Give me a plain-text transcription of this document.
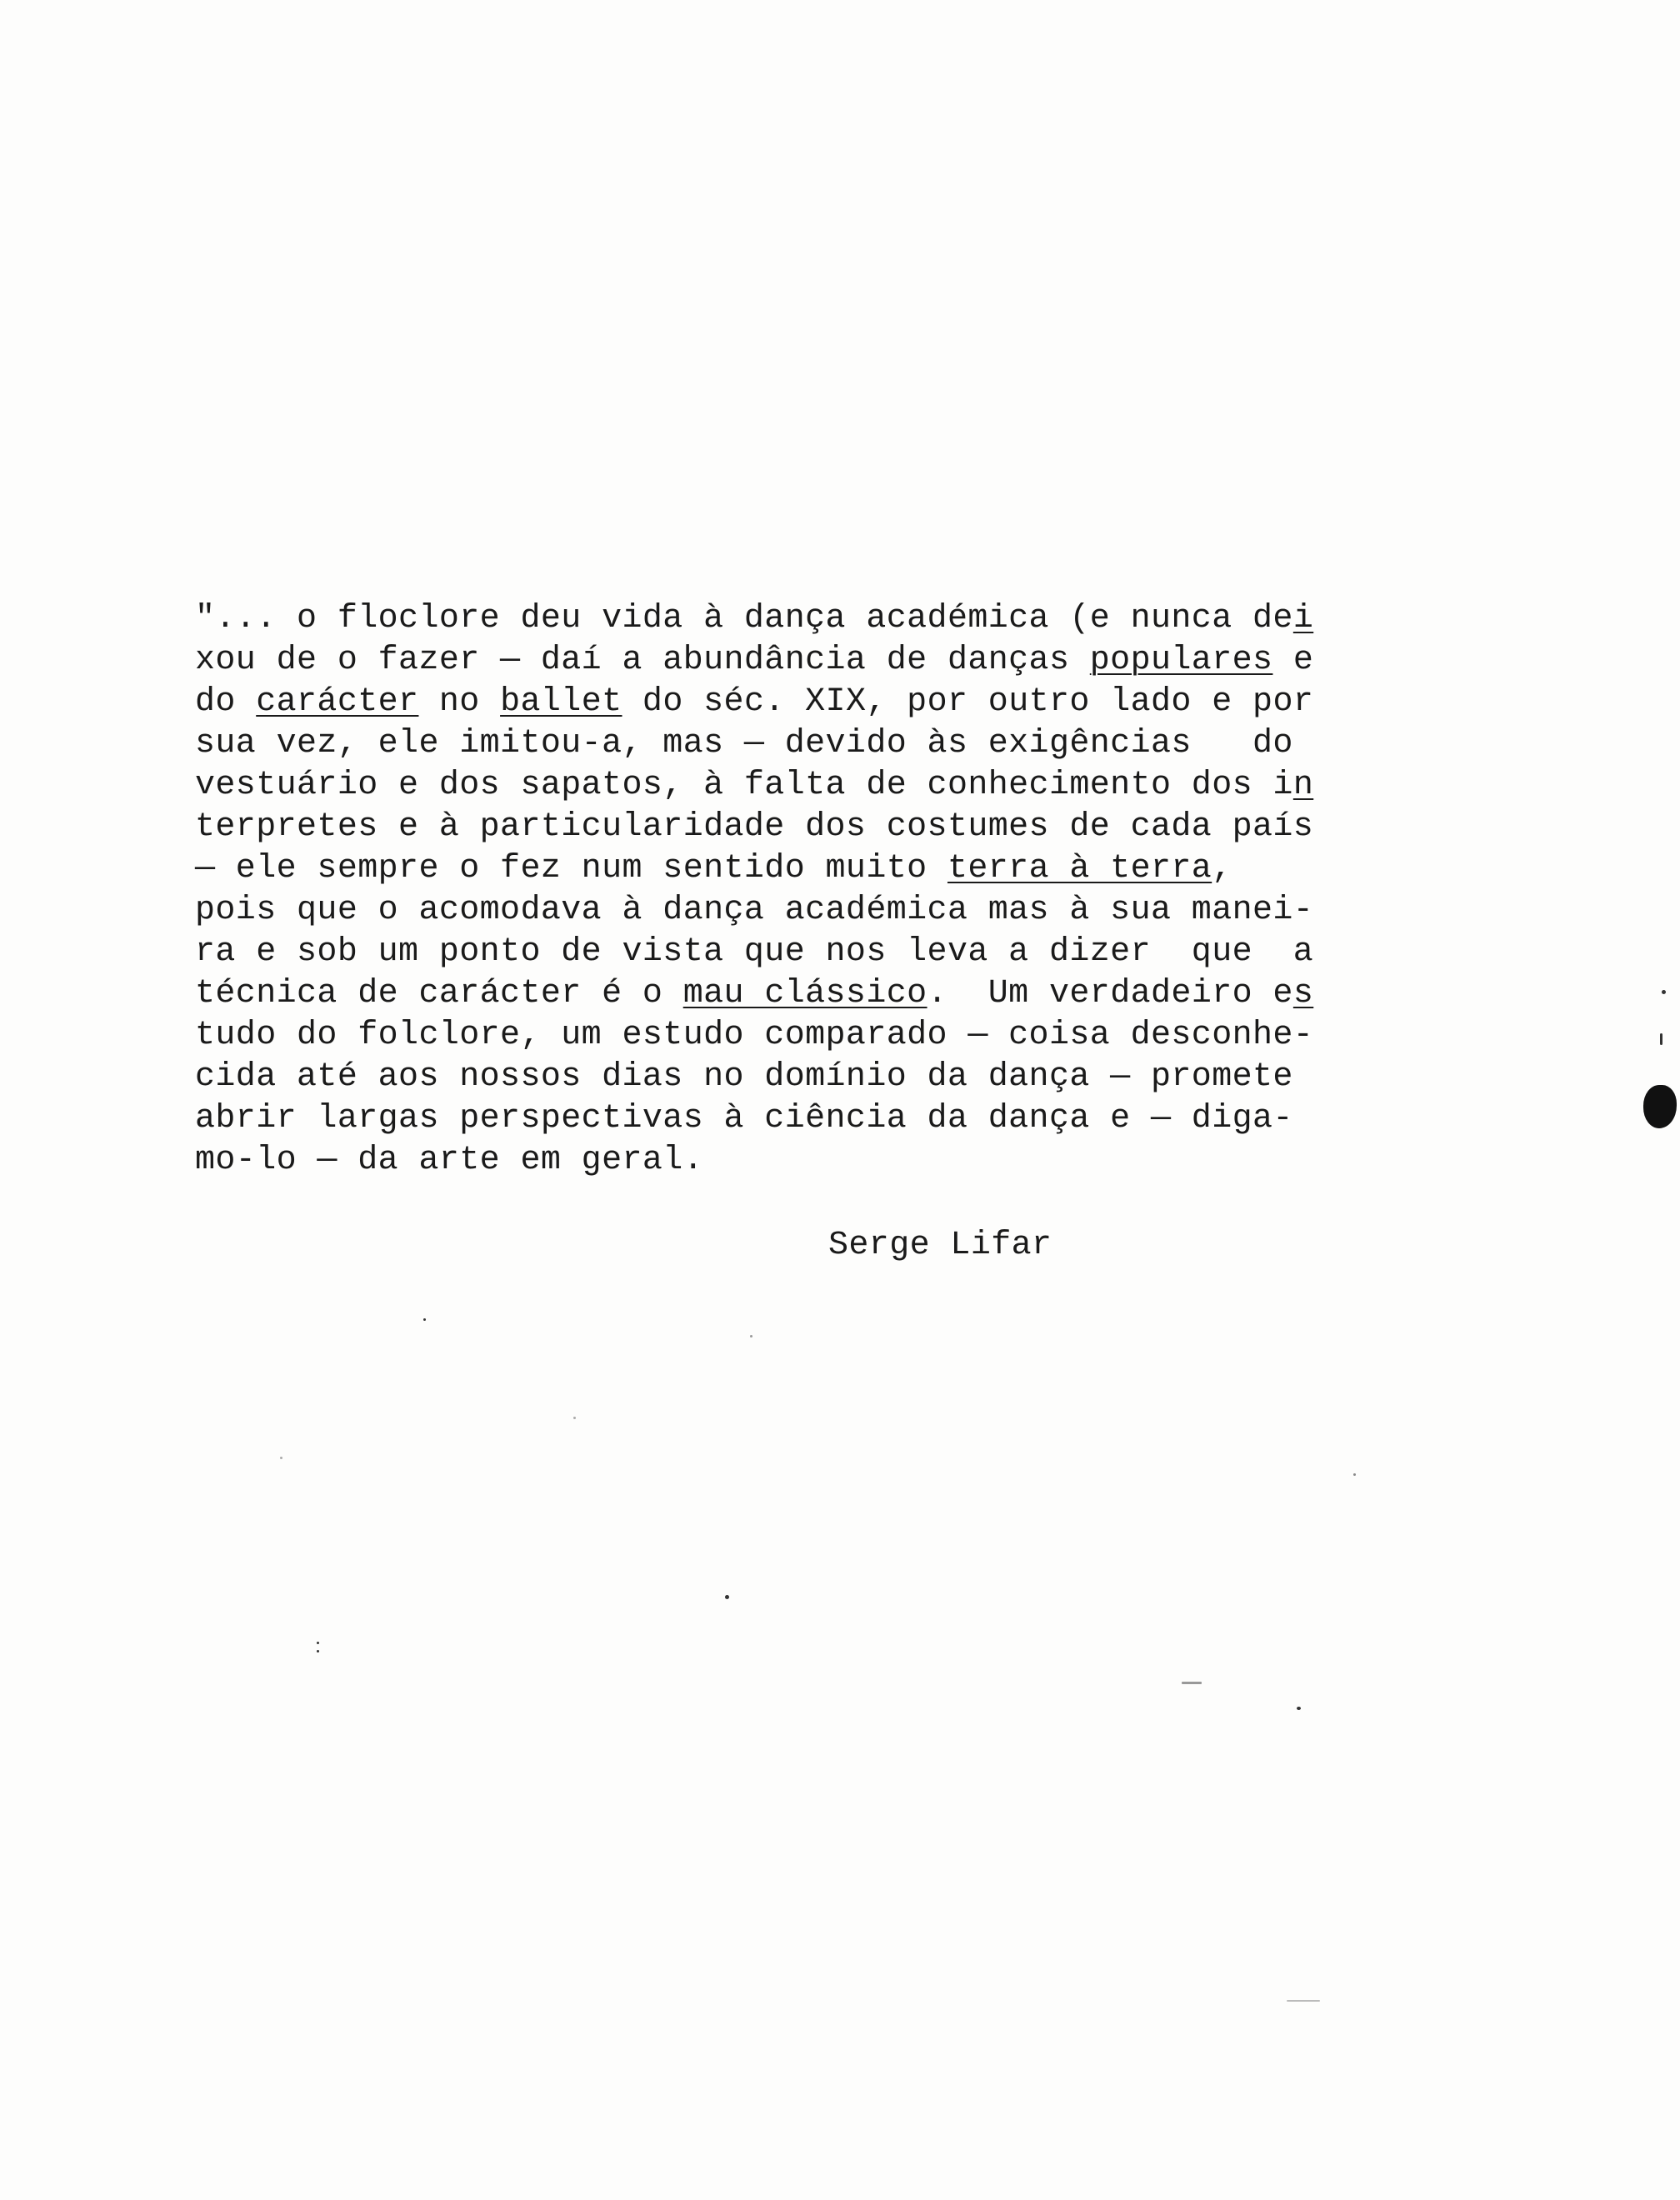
"... o floclore deu vida à dança académica (e nunca dei
xou de o fazer — daí a abundância de danças populares e
do carácter no ballet do séc. XIX, por outro lado e por
sua vez, ele imitou-a, mas — devido às exigências   do
vestuário e dos sapatos, à falta de conhecimento dos in
terpretes e à particularidade dos costumes de cada país
— ele sempre o fez num sentido muito terra à terra,
pois que o acomodava à dança académica mas à sua manei-
ra e sob um ponto de vista que nos leva a dizer  que  a
técnica de carácter é o mau clássico.  Um verdadeiro es
tudo do folclore, um estudo comparado — coisa desconhe-
cida até aos nossos dias no domínio da dança — promete
abrir largas perspectivas à ciência da dança e — diga-
mo-lo — da arte em geral.
Serge Lifar
